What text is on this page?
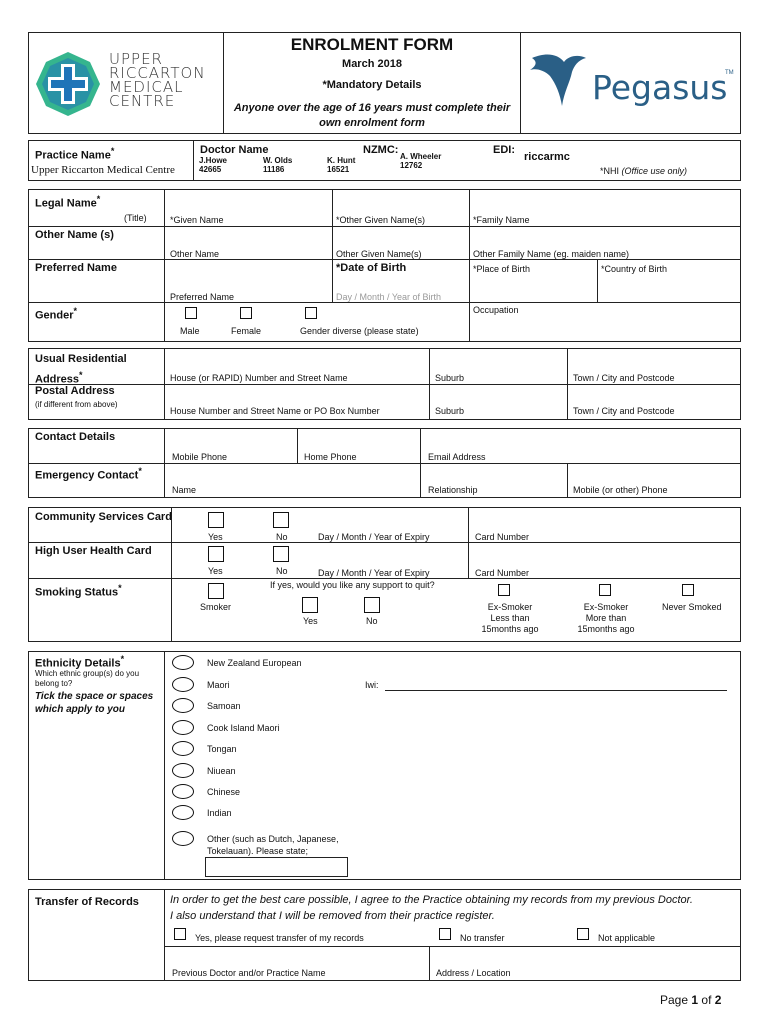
UPPER
RICCARTON
MEDICAL
CENTRE
ENROLMENT FORM
March 2018
*Mandatory Details
Anyone over the age of 16 years must complete their
own enrolment form
Pegasus
TM
Practice Name*
Upper Riccarton Medical Centre
Doctor Name
J.Howe
42665
W. Olds
11186
K. Hunt
16521
NZMC:
A. Wheeler
12762
EDI:
riccarmc
*NHI (Office use only)
Legal Name*
(Title)	*Given Name	*Other Given Name(s)	*Family Name
Other Name (s)
Other Name	Other Given Name(s)	Other Family Name (eg. maiden name)
Preferred Name	*Date of Birth	*Place of Birth	*Country of Birth
Preferred Name	Day / Month / Year of Birth
Gender*
Male	Female	Gender diverse (please state)
Occupation
Usual Residential
Address*	House (or RAPID) Number and Street Name	Suburb	Town / City and Postcode
Postal Address
(if different from above)
House Number and Street Name or PO Box Number	Suburb	Town / City and Postcode
Contact Details
Mobile Phone	Home Phone	Email Address
Emergency Contact*
Name	Relationship	Mobile (or other) Phone
Community Services Card
Yes	No	Day / Month / Year of Expiry	Card Number
High User Health Card
Yes	No	Day / Month / Year of Expiry	Card Number
Smoking Status*
Smoker
If yes, would you like any support to quit?
Yes	No
Ex-Smoker
Less than
15months ago
Ex-Smoker
More than
15months ago
Never Smoked
Ethnicity Details*
Which ethnic group(s) do you belong to?
Tick the space or spaces which apply to you
New Zealand European
Maori	Iwi:
Samoan
Cook Island Maori
Tongan
Niuean
Chinese
Indian
Other (such as Dutch, Japanese,
Tokelauan). Please state;
Transfer of Records	In order to get the best care possible, I agree to the Practice obtaining my records from my previous Doctor.
I also understand that I will be removed from their practice register.
Yes, please request transfer of my records	No transfer	Not applicable
Previous Doctor and/or Practice Name	Address / Location
Page 1 of 2
